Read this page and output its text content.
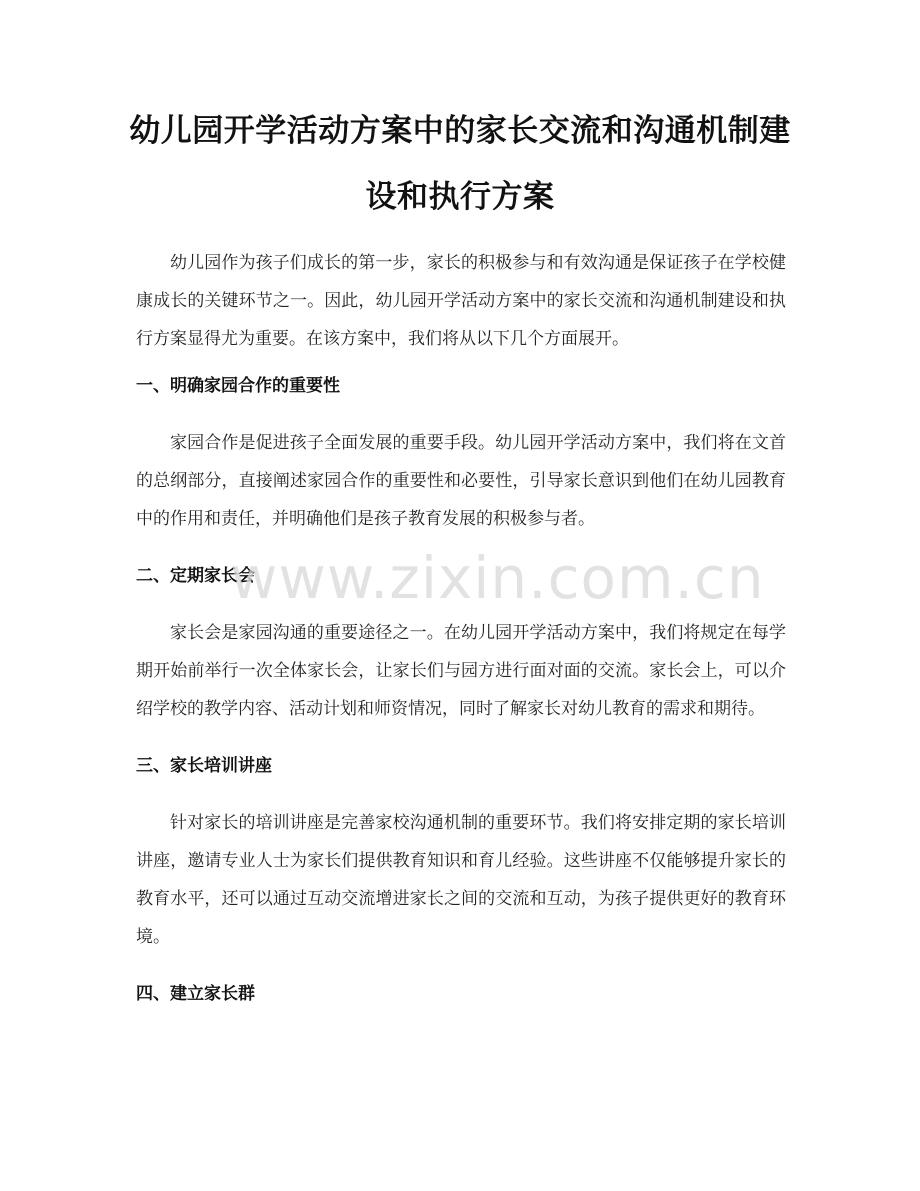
幼儿园开学活动方案中的家长交流和沟通机制建设和执行方案

幼儿园作为孩子们成长的第一步，家长的积极参与和有效沟通是保证孩子在学校健康成长的关键环节之一。因此，幼儿园开学活动方案中的家长交流和沟通机制建设和执行方案显得尤为重要。在该方案中，我们将从以下几个方面展开。

一、明确家园合作的重要性

家园合作是促进孩子全面发展的重要手段。幼儿园开学活动方案中，我们将在文首的总纲部分，直接阐述家园合作的重要性和必要性，引导家长意识到他们在幼儿园教育中的作用和责任，并明确他们是孩子教育发展的积极参与者。

二、定期家长会

家长会是家园沟通的重要途径之一。在幼儿园开学活动方案中，我们将规定在每学期开始前举行一次全体家长会，让家长们与园方进行面对面的交流。家长会上，可以介绍学校的教学内容、活动计划和师资情况，同时了解家长对幼儿教育的需求和期待。

三、家长培训讲座

针对家长的培训讲座是完善家校沟通机制的重要环节。我们将安排定期的家长培训讲座，邀请专业人士为家长们提供教育知识和育儿经验。这些讲座不仅能够提升家长的教育水平，还可以通过互动交流增进家长之间的交流和互动，为孩子提供更好的教育环境。

四、建立家长群
www.zixin.com.cn
